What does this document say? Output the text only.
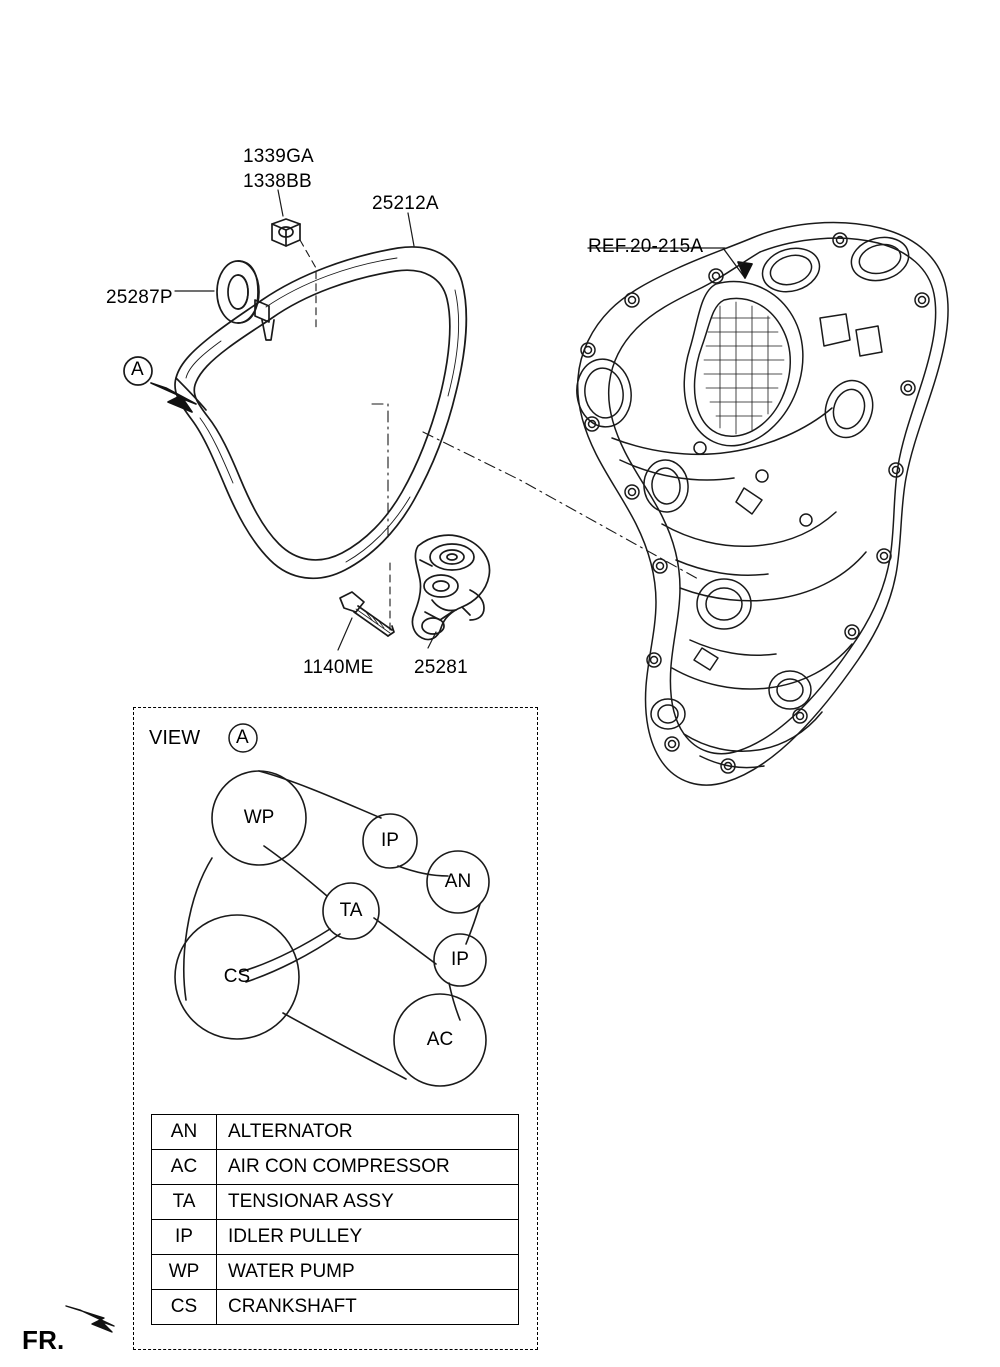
A
1339GA
1338BB
25212A
REF.20-215A
25287P
1140ME 25281
VIEW A
WP
IP
AN
TA
IP
CS
AC
AN	ALTERNATOR
AC	AIR CON COMPRESSOR
TA	TENSIONAR ASSY
IP	IDLER PULLEY
WP	WATER PUMP
CS	CRANKSHAFT
FR.
